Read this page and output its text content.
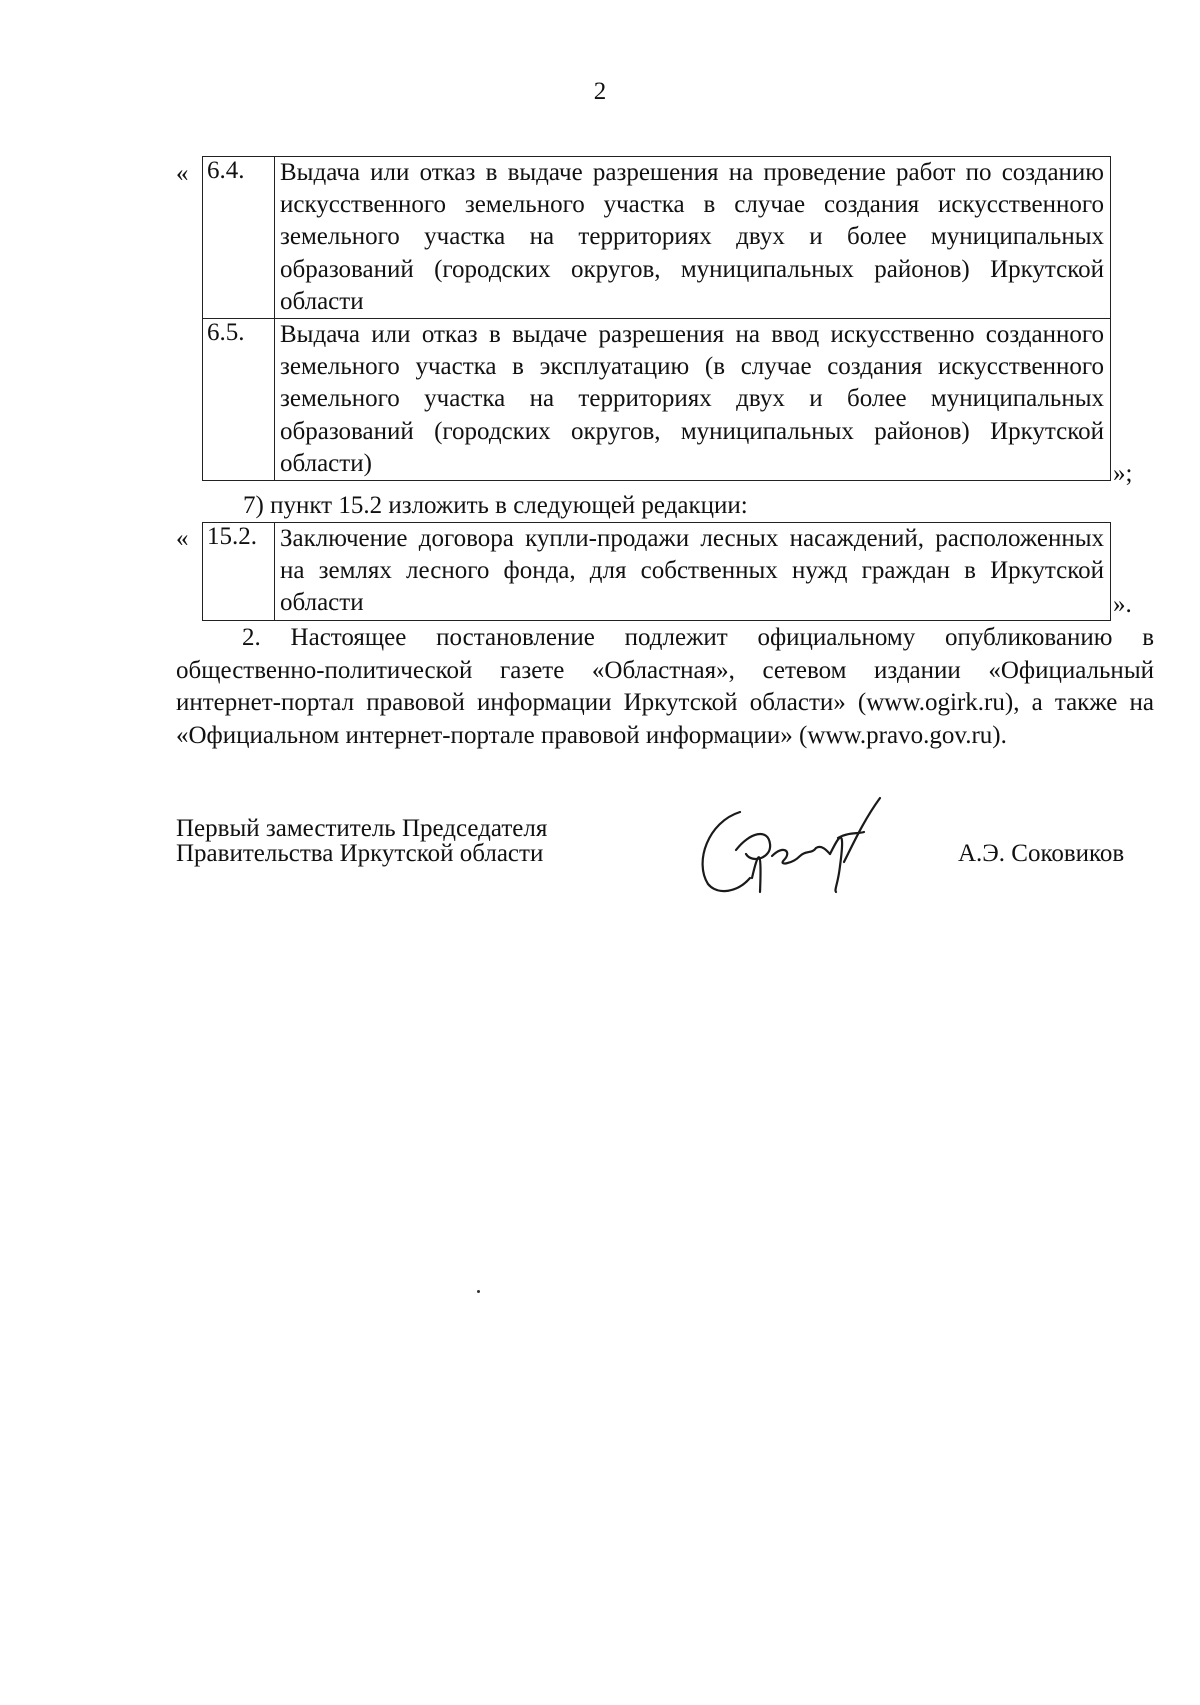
2
« 6.4.	Выдача или отказ в выдаче разрешения на проведение работ по созданию искусственного земельного участка в случае создания искусственного земельного участка на территориях двух и более муниципальных образований (городских округов, муниципальных районов) Иркутской области
6.5.	Выдача или отказ в выдаче разрешения на ввод искусственно созданного земельного участка в эксплуатацию (в случае создания искусственного земельного участка на территориях двух и более муниципальных образований (городских округов, муниципальных районов) Иркутской области)	»;
7) пункт 15.2 изложить в следующей редакции:
« 15.2.	Заключение договора купли-продажи лесных насаждений, расположенных на землях лесного фонда, для собственных нужд граждан в Иркутской области	».
2. Настоящее постановление подлежит официальному опубликованию в общественно-политической газете «Областная», сетевом издании «Официальный интернет-портал правовой информации Иркутской области» (www.ogirk.ru), а также на «Официальном интернет-портале правовой информации» (www.pravo.gov.ru).
Первый заместитель Председателя
Правительства Иркутской области	А.Э. Соковиков
